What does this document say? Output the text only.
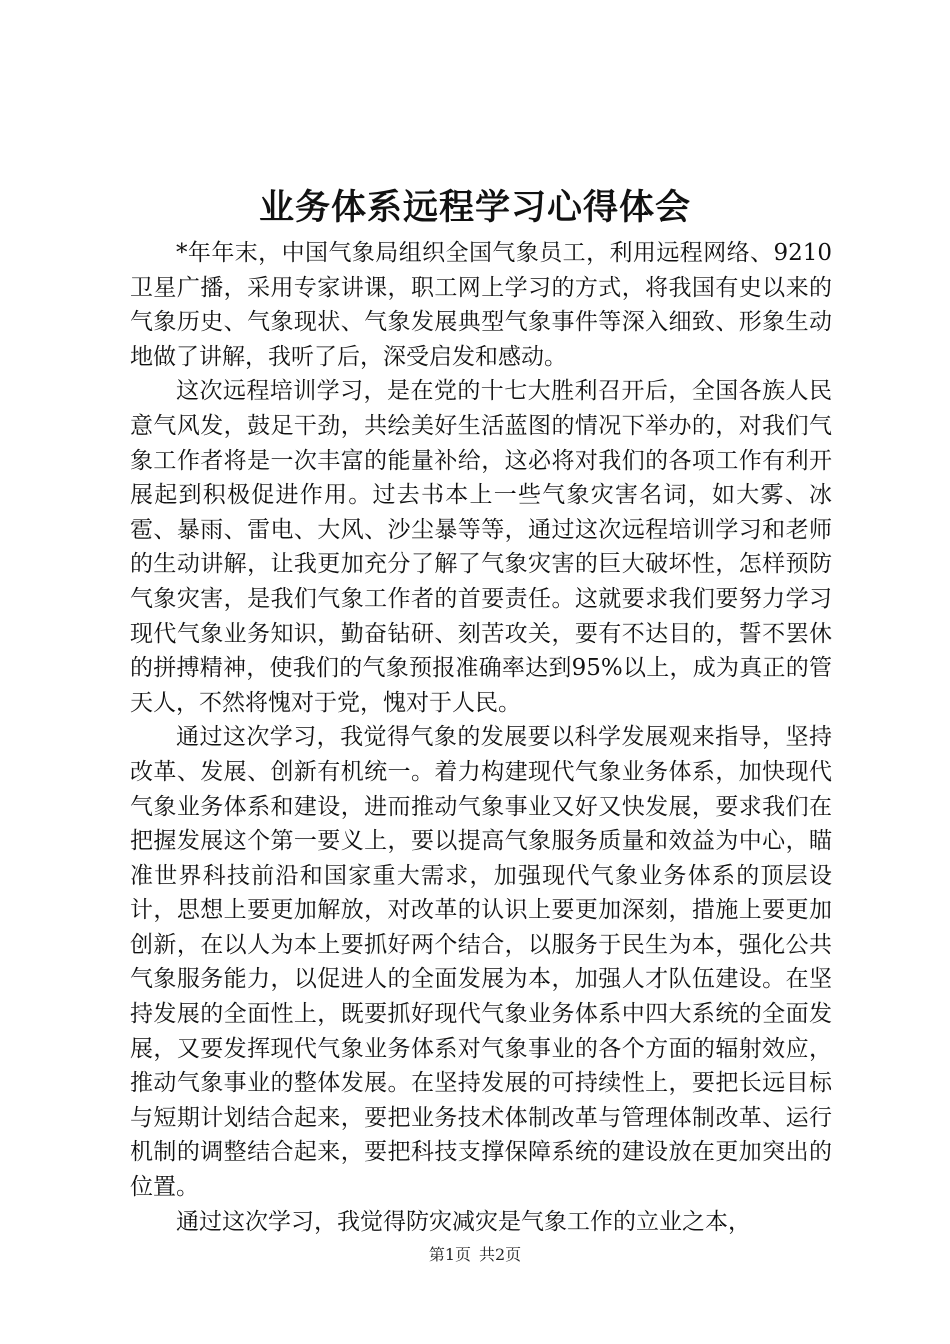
业务体系远程学习心得体会

*年年末，中国气象局组织全国气象员工，利用远程网络、9210卫星广播，采用专家讲课，职工网上学习的方式，将我国有史以来的气象历史、气象现状、气象发展典型气象事件等深入细致、形象生动地做了讲解，我听了后，深受启发和感动。

这次远程培训学习，是在党的十七大胜利召开后，全国各族人民意气风发，鼓足干劲，共绘美好生活蓝图的情况下举办的，对我们气象工作者将是一次丰富的能量补给，这必将对我们的各项工作有利开展起到积极促进作用。过去书本上一些气象灾害名词，如大雾、冰雹、暴雨、雷电、大风、沙尘暴等等，通过这次远程培训学习和老师的生动讲解，让我更加充分了解了气象灾害的巨大破坏性，怎样预防气象灾害，是我们气象工作者的首要责任。这就要求我们要努力学习现代气象业务知识，勤奋钻研、刻苦攻关，要有不达目的，誓不罢休的拼搏精神，使我们的气象预报准确率达到95%以上，成为真正的管天人，不然将愧对于党，愧对于人民。

通过这次学习，我觉得气象的发展要以科学发展观来指导，坚持改革、发展、创新有机统一。着力构建现代气象业务体系，加快现代气象业务体系和建设，进而推动气象事业又好又快发展，要求我们在把握发展这个第一要义上，要以提高气象服务质量和效益为中心，瞄准世界科技前沿和国家重大需求，加强现代气象业务体系的顶层设计，思想上要更加解放，对改革的认识上要更加深刻，措施上要更加创新，在以人为本上要抓好两个结合，以服务于民生为本，强化公共气象服务能力，以促进人的全面发展为本，加强人才队伍建设。在坚持发展的全面性上，既要抓好现代气象业务体系中四大系统的全面发展，又要发挥现代气象业务体系对气象事业的各个方面的辐射效应，推动气象事业的整体发展。在坚持发展的可持续性上，要把长远目标与短期计划结合起来，要把业务技术体制改革与管理体制改革、运行机制的调整结合起来，要把科技支撑保障系统的建设放在更加突出的位置。

通过这次学习，我觉得防灾减灾是气象工作的立业之本，

第1页 共2页
